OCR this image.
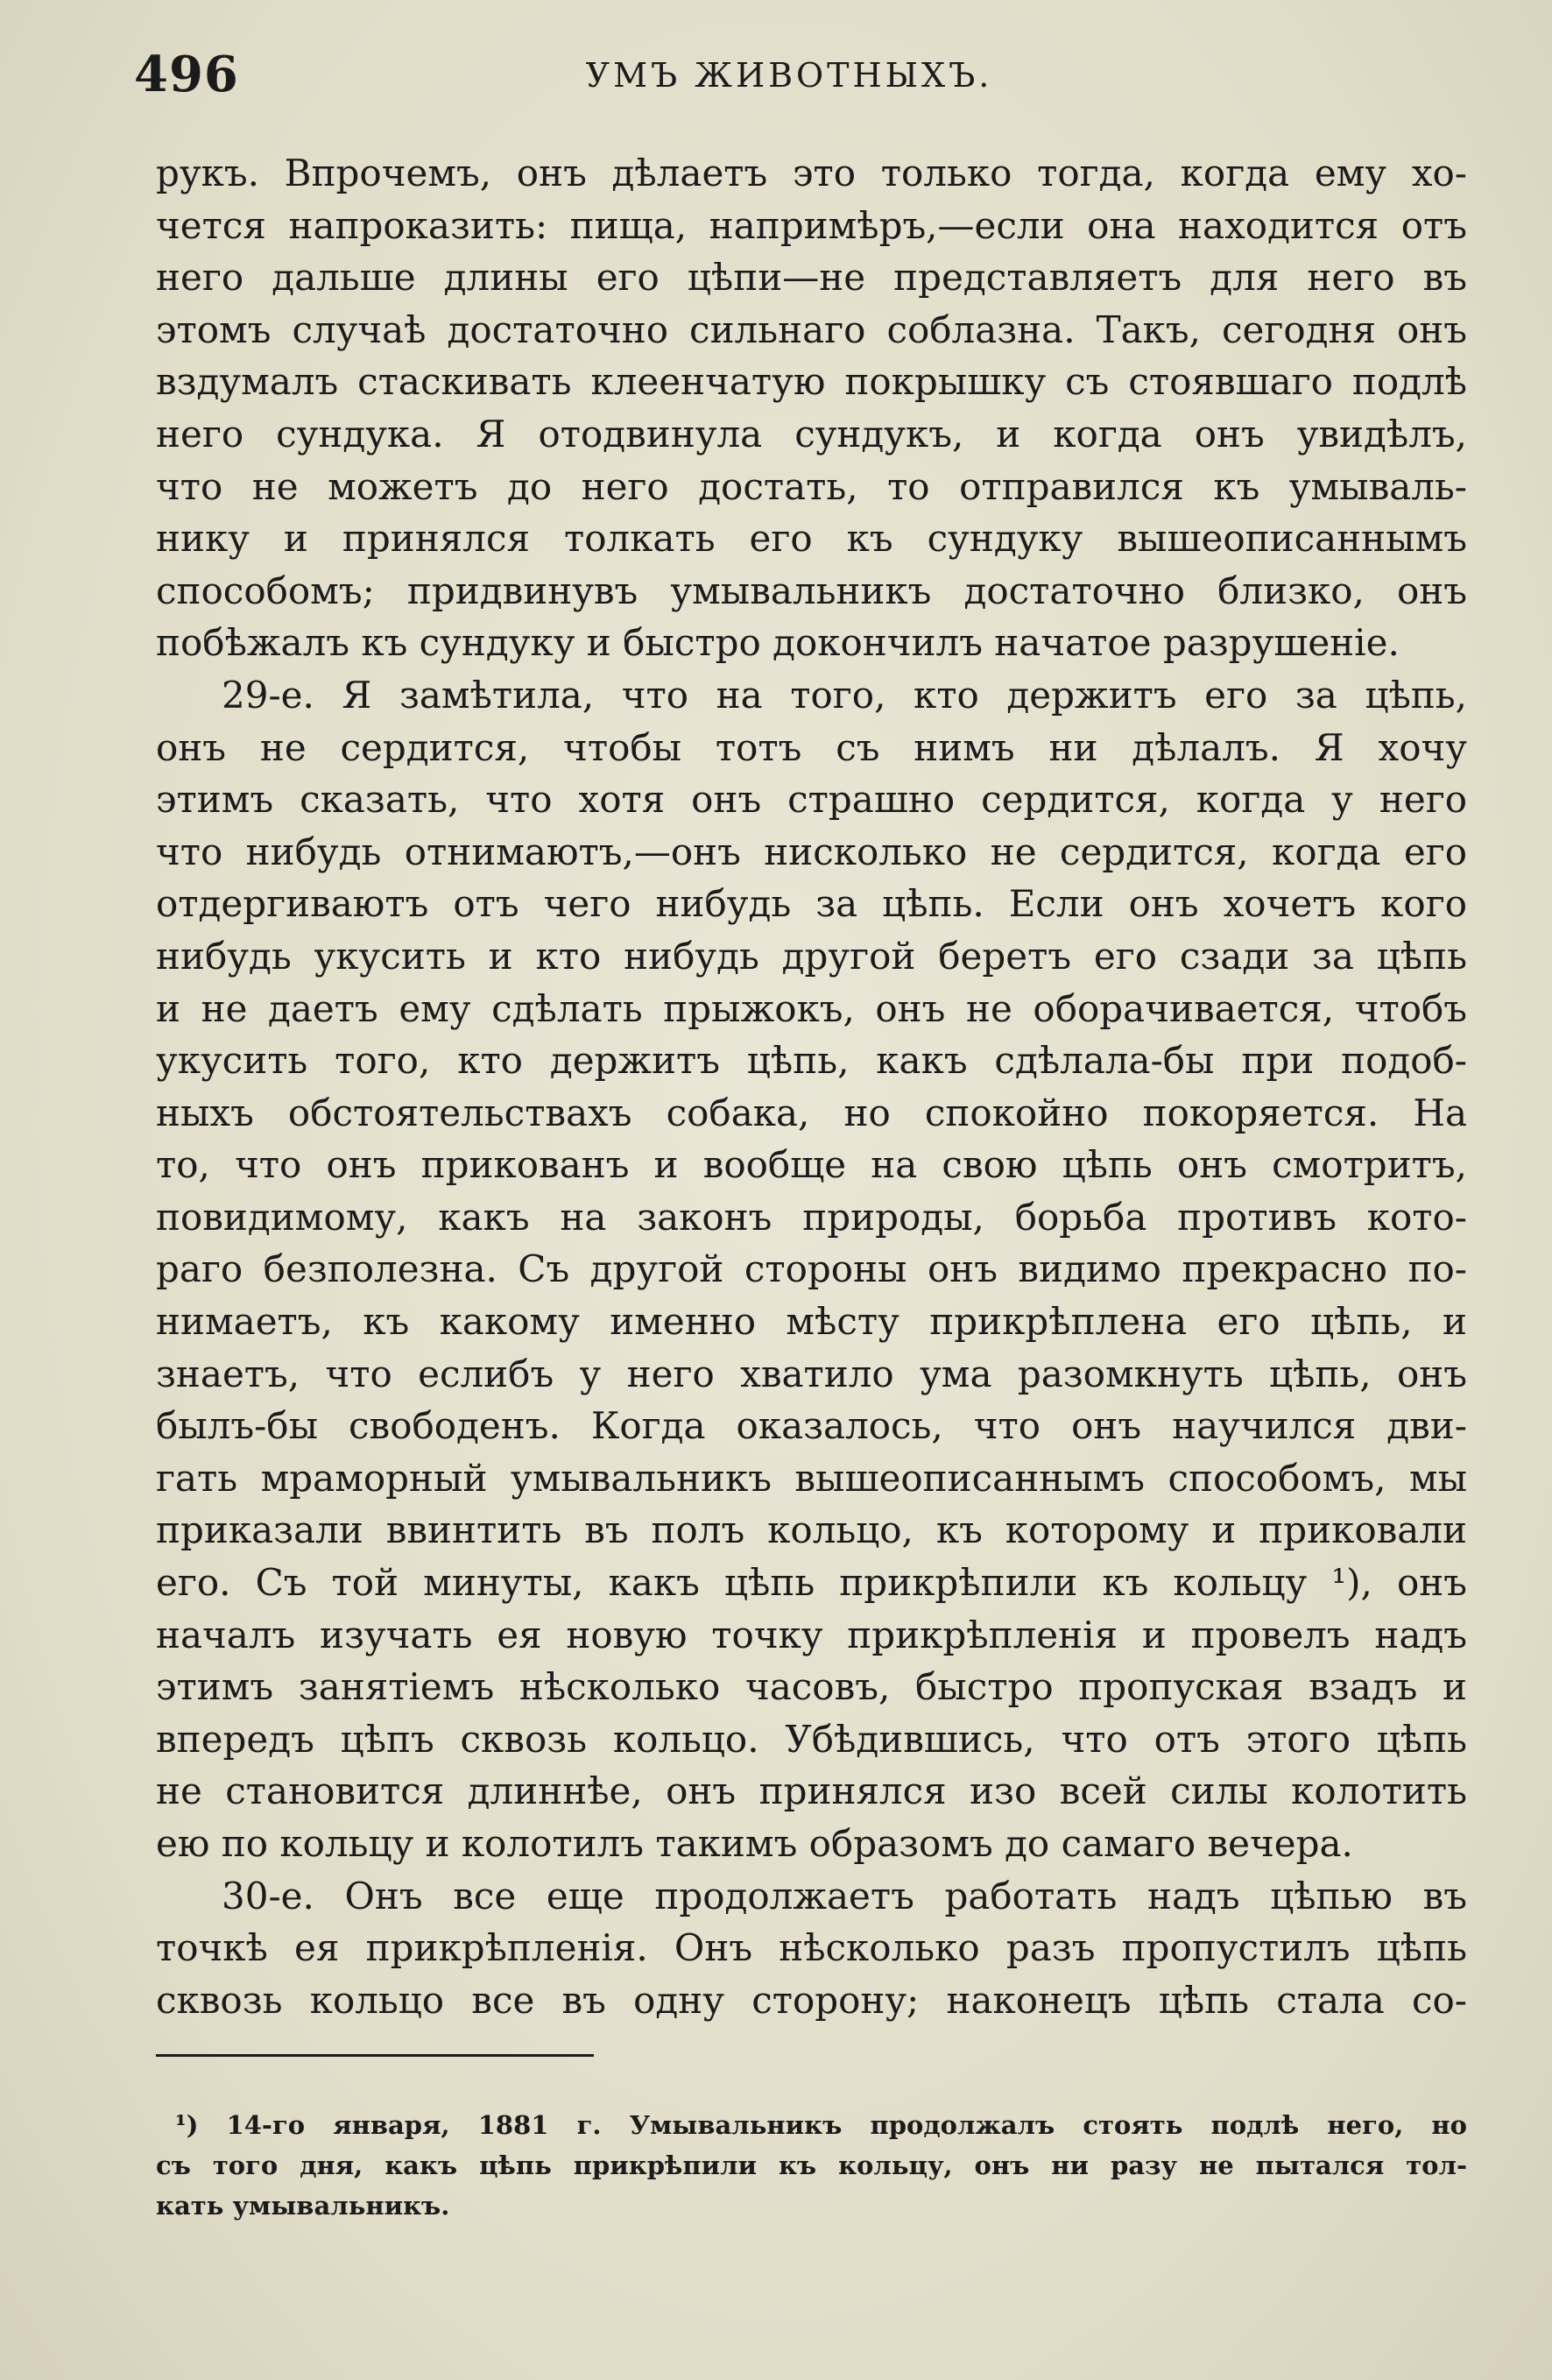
496	УМЪ ЖИВОТНЫХЪ.
рукъ. Впрочемъ, онъ дѣлаетъ это только тогда, когда ему хо-
чется напроказить: пища, напримѣръ,—если она находится отъ
него дальше длины его цѣпи—не представляетъ для него въ
этомъ случаѣ достаточно сильнаго соблазна. Такъ, сегодня онъ
вздумалъ стаскивать клеенчатую покрышку съ стоявшаго подлѣ
него сундука. Я отодвинула сундукъ, и когда онъ увидѣлъ,
что не можетъ до него достать, то отправился къ умываль-
нику и принялся толкать его къ сундуку вышеописаннымъ
способомъ; придвинувъ умывальникъ достаточно близко, онъ
побѣжалъ къ сундуку и быстро докончилъ начатое разрушеніе.
29-е. Я замѣтила, что на того, кто держитъ его за цѣпь,
онъ не сердится, чтобы тотъ съ нимъ ни дѣлалъ. Я хочу
этимъ сказать, что хотя онъ страшно сердится, когда у него
что нибудь отнимаютъ,—онъ нисколько не сердится, когда его
отдергиваютъ отъ чего нибудь за цѣпь. Если онъ хочетъ кого
нибудь укусить и кто нибудь другой беретъ его сзади за цѣпь
и не даетъ ему сдѣлать прыжокъ, онъ не оборачивается, чтобъ
укусить того, кто держитъ цѣпь, какъ сдѣлала-бы при подоб-
ныхъ обстоятельствахъ собака, но спокойно покоряется. На
то, что онъ прикованъ и вообще на свою цѣпь онъ смотритъ,
повидимому, какъ на законъ природы, борьба противъ кото-
раго безполезна. Съ другой стороны онъ видимо прекрасно по-
нимаетъ, къ какому именно мѣсту прикрѣплена его цѣпь, и
знаетъ, что еслибъ у него хватило ума разомкнуть цѣпь, онъ
былъ-бы свободенъ. Когда оказалось, что онъ научился дви-
гать мраморный умывальникъ вышеописаннымъ способомъ, мы
приказали ввинтить въ полъ кольцо, къ которому и приковали
его. Съ той минуты, какъ цѣпь прикрѣпили къ кольцу ¹), онъ
началъ изучать ея новую точку прикрѣпленія и провелъ надъ
этимъ занятіемъ нѣсколько часовъ, быстро пропуская взадъ и
впередъ цѣпъ сквозь кольцо. Убѣдившись, что отъ этого цѣпь
не становится длиннѣе, онъ принялся изо всей силы колотить
ею по кольцу и колотилъ такимъ образомъ до самаго вечера.
30-е. Онъ все еще продолжаетъ работать надъ цѣпью въ
точкѣ ея прикрѣпленія. Онъ нѣсколько разъ пропустилъ цѣпь
сквозь кольцо все въ одну сторону; наконецъ цѣпь стала со-
¹) 14-го января, 1881 г. Умывальникъ продолжалъ стоять подлѣ него, но
съ того дня, какъ цѣпь прикрѣпили къ кольцу, онъ ни разу не пытался тол-
кать умывальникъ.
